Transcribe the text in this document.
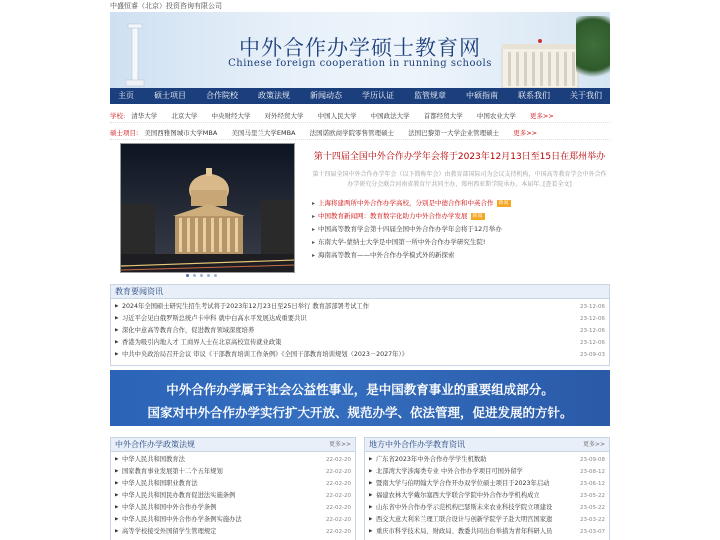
中盛恒睿（北京）投资咨询有限公司
中外合作办学硕士教育网
Chinese foreign cooperation in running schools
主页	硕士项目	合作院校	政策法规	新闻动态	学历认证	监管规章	中硕指南	联系我们	关于我们
学校: 清华大学 北京大学 中央财经大学 对外经贸大学 中国人民大学 中国政法大学 首都经贸大学 中国农业大学 更多>>
硕士项目: 美国西雅图城市大学MBA 美国马里兰大学EMBA 法国诺欧商学院零售管理硕士 法国巴黎第一大学企业管理硕士 更多>>
第十四届全国中外合作办学年会将于2023年12月13日至15日在郑州举办
第十四届全国中外合作办学年会（以下简称年会）由教育部国际司为会议支持机构，中国高等教育学会中外合作办学研究分会联合河南省教育厅共同主办，郑州西亚斯学院承办。本届年..[查看全文]
▸ 上海将建两所中外合作办学高校，分别是中德合作和中英合作 新闻
▸ 中国教育新闻网：教育数字化助力中外合作办学发展 新闻
▸ 中国高等教育学会第十四届全国中外合作办学年会将于12月举办
▸ 东南大学-蒙纳士大学是中国第一所中外合作办学研究生院!
▸ 海南高等教育——中外合作办学模式外的新探索
教育要闻资讯
▶ 2024年全国硕士研究生招生考试将于2023年12月23日至25日举行 教育部部署考试工作	23-12-06
▶ 习近平会见白俄罗斯总统卢卡申科 就中白高水平发展达成重要共识	23-12-06
▶ 深化中意高等教育合作，促进教育领域深度培养	23-12-06
▶ 香港为吸引内地人才 工商界人士在北京高校宣传就业政策	23-12-06
▶ 中共中央政治局召开会议 审议《干部教育培训工作条例》《全国干部教育培训规划（2023－2027年）》	23-09-03
中外合作办学属于社会公益性事业，是中国教育事业的重要组成部分。
国家对中外合作办学实行扩大开放、规范办学、依法管理，促进发展的方针。
中外合作办学政策法规	更多>>
▶ 中华人民共和国教育法	22-02-20
▶ 国家教育事业发展第十二个五年规划	22-02-20
▶ 中华人民共和国职业教育法	22-02-20
▶ 中华人民共和国民办教育促进法实施条例	22-02-20
▶ 中华人民共和国中外合作办学条例	22-02-20
▶ 中华人民共和国中外合作办学条例实施办法	22-02-20
▶ 高等学校接受外国留学生管理规定	22-02-20
地方中外合作办学教育资讯	更多>>
▶ 广东省2023年中外合作办学学生机数助	23-09-08
▶ 北部湾大学涉海类专业 中外合作办学项目可国外留学	23-08-12
▶ 暨南大学与伯明翰大学合作开办双学位硕士项目于2023年启动	23-06-12
▶ 福建农林大学戴尔塞西大学联合学院中外合作办学机构成立	23-05-22
▶ 山东省中外合作办学示范机构巴瑟斯未来农业科技学院立项建设	23-05-22
▶ 西交大意大利米兰理工联合设计与创新学院学子赴大明宫国家遗	23-03-22
▶ 重庆市科学技术局、财政局、教委共同出台举措为青年科研人员	23-03-07
